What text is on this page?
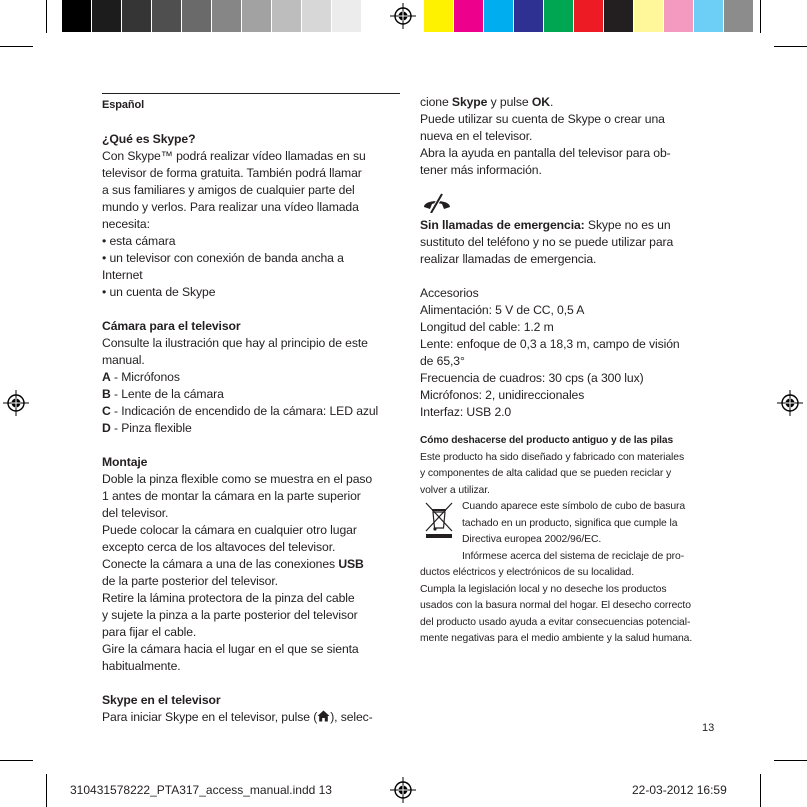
Español

¿Qué es Skype?

Con Skype™ podrá realizar vídeo llamadas en su

televisor de forma gratuita. También podrá llamar

a sus familiares y amigos de cualquier parte del

mundo y verlos. Para realizar una vídeo llamada

necesita:

• esta cámara

• un televisor con conexión de banda ancha a

Internet

• un cuenta de Skype

Cámara para el televisor

Consulte la ilustración que hay al principio de este

manual.

A - Micrófonos

B - Lente de la cámara

C - Indicación de encendido de la cámara: LED azul

D - Pinza flexible

Montaje

Doble la pinza flexible como se muestra en el paso

1 antes de montar la cámara en la parte superior

del televisor.

Puede colocar la cámara en cualquier otro lugar

excepto cerca de los altavoces del televisor.

Conecte la cámara a una de las conexiones USB

de la parte posterior del televisor.

Retire la lámina protectora de la pinza del cable

y sujete la pinza a la parte posterior del televisor

para fijar el cable.

Gire la cámara hacia el lugar en el que se sienta

habitualmente.

Skype en el televisor

Para iniciar Skype en el televisor, pulse ( ), selec-

cione Skype y pulse OK.

Puede utilizar su cuenta de Skype o crear una

nueva en el televisor.

Abra la ayuda en pantalla del televisor para ob-

tener más información.

Sin llamadas de emergencia: Skype no es un

sustituto del teléfono y no se puede utilizar para

realizar llamadas de emergencia.

Accesorios

Alimentación: 5 V de CC, 0,5 A

Longitud del cable: 1.2 m

Lente: enfoque de 0,3 a 18,3 m, campo de visión

de 65,3°

Frecuencia de cuadros: 30 cps (a 300 lux)

Micrófonos: 2, unidireccionales

Interfaz: USB 2.0

Cómo deshacerse del producto antiguo y de las pilas

Este producto ha sido diseñado y fabricado con materiales

y componentes de alta calidad que se pueden reciclar y

volver a utilizar.

Cuando aparece este símbolo de cubo de basura

tachado en un producto, significa que cumple la

Directiva europea 2002/96/EC.

Infórmese acerca del sistema de reciclaje de pro-

ductos eléctricos y electrónicos de su localidad.

Cumpla la legislación local y no deseche los productos

usados con la basura normal del hogar. El desecho correcto

del producto usado ayuda a evitar consecuencias potencial-

mente negativas para el medio ambiente y la salud humana.

13
310431578222_PTA317_access_manual.indd 13	22-03-2012 16:59
